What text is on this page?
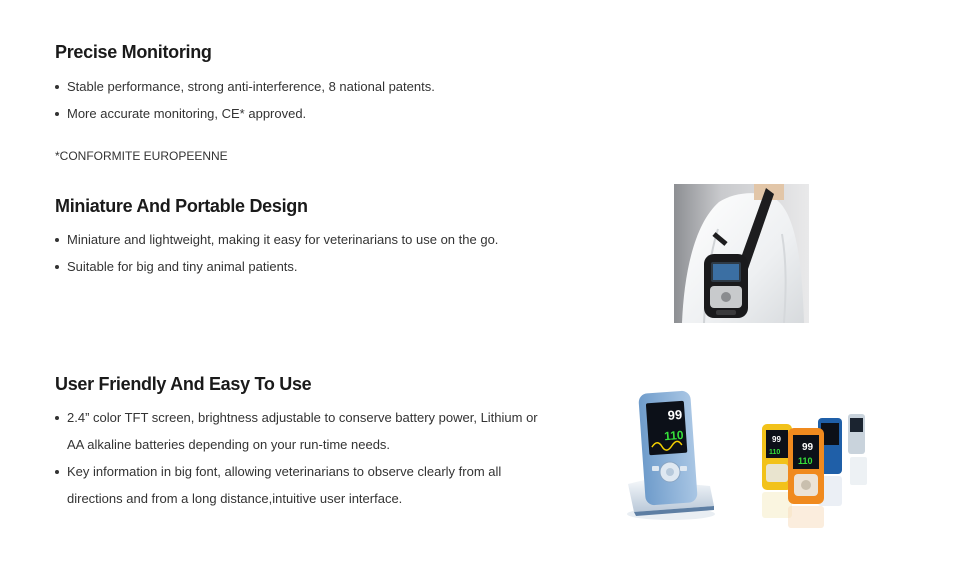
Precise Monitoring
Stable performance, strong anti-interference, 8 national patents.
More accurate monitoring, CE* approved.
*CONFORMITE EUROPEENNE
Miniature And Portable Design
Miniature and lightweight, making it easy for veterinarians to use on the go.
Suitable for big and tiny animal patients.
User Friendly And Easy To Use
2.4” color TFT screen, brightness adjustable to conserve battery power, Lithium or AA alkaline batteries depending on your run-time needs.
Key information in big font, allowing veterinarians to observe clearly from all directions and from a long distance,intuitive user interface.
99
110	99
110 99
110
